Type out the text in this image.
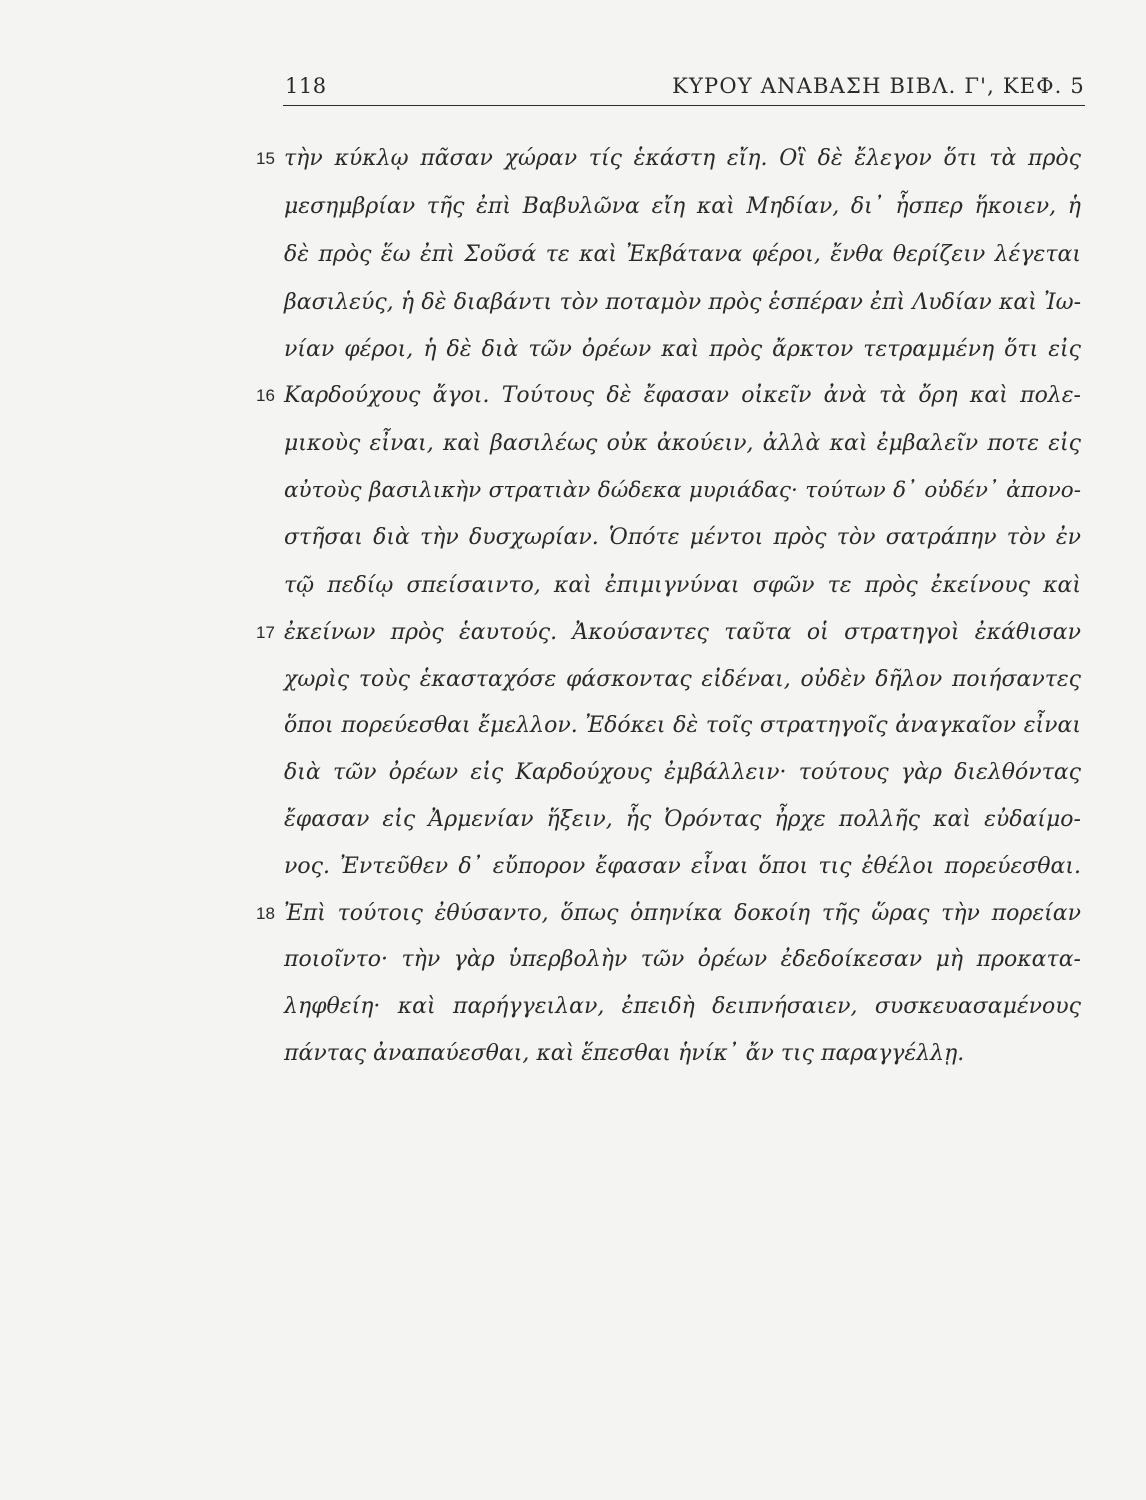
118	ΚΥΡΟΥ ΑΝΑΒΑΣΗ ΒΙΒΛ. Γ', ΚΕΦ. 5
15
16
17
18
τὴν κύκλῳ πᾶσαν χώραν τίς ἑκάστη εἴη. Οἳ δὲ ἔλεγον ὅτι τὰ πρὸς
μεσημβρίαν τῆς ἐπὶ Βαβυλῶνα εἴη καὶ Μηδίαν, δι᾽ ἧσπερ ἥκοιεν, ἡ
δὲ πρὸς ἕω ἐπὶ Σοῦσά τε καὶ Ἐκβάτανα φέροι, ἔνθα θερίζειν λέγεται
βασιλεύς, ἡ δὲ διαβάντι τὸν ποταμὸν πρὸς ἑσπέραν ἐπὶ Λυδίαν καὶ Ἰω-
νίαν φέροι, ἡ δὲ διὰ τῶν ὀρέων καὶ πρὸς ἄρκτον τετραμμένη ὅτι εἰς
Καρδούχους ἄγοι. Τούτους δὲ ἔφασαν οἰκεῖν ἀνὰ τὰ ὄρη καὶ πολε-
μικοὺς εἶναι, καὶ βασιλέως οὐκ ἀκούειν, ἀλλὰ καὶ ἐμβαλεῖν ποτε εἰς
αὐτοὺς βασιλικὴν στρατιὰν δώδεκα μυριάδας· τούτων δ᾽ οὐδέν᾽ ἀπονο-
στῆσαι διὰ τὴν δυσχωρίαν. Ὁπότε μέντοι πρὸς τὸν σατράπην τὸν ἐν
τῷ πεδίῳ σπείσαιντο, καὶ ἐπιμιγνύναι σφῶν τε πρὸς ἐκείνους καὶ
ἐκείνων πρὸς ἑαυτούς. Ἀκούσαντες ταῦτα οἱ στρατηγοὶ ἐκάθισαν
χωρὶς τοὺς ἑκασταχόσε φάσκοντας εἰδέναι, οὐδὲν δῆλον ποιήσαντες
ὅποι πορεύεσθαι ἔμελλον. Ἐδόκει δὲ τοῖς στρατηγοῖς ἀναγκαῖον εἶναι
διὰ τῶν ὀρέων εἰς Καρδούχους ἐμβάλλειν· τούτους γὰρ διελθόντας
ἔφασαν εἰς Ἀρμενίαν ἥξειν, ἧς Ὀρόντας ἦρχε πολλῆς καὶ εὐδαίμο-
νος. Ἐντεῦθεν δ᾽ εὔπορον ἔφασαν εἶναι ὅποι τις ἐθέλοι πορεύεσθαι.
Ἐπὶ τούτοις ἐθύσαντο, ὅπως ὁπηνίκα δοκοίη τῆς ὥρας τὴν πορείαν
ποιοῖντο· τὴν γὰρ ὑπερβολὴν τῶν ὀρέων ἐδεδοίκεσαν μὴ προκατα-
ληφθείη· καὶ παρήγγειλαν, ἐπειδὴ δειπνήσαιεν, συσκευασαμένους
πάντας ἀναπαύεσθαι, καὶ ἕπεσθαι ἡνίκ᾽ ἄν τις παραγγέλλῃ.
